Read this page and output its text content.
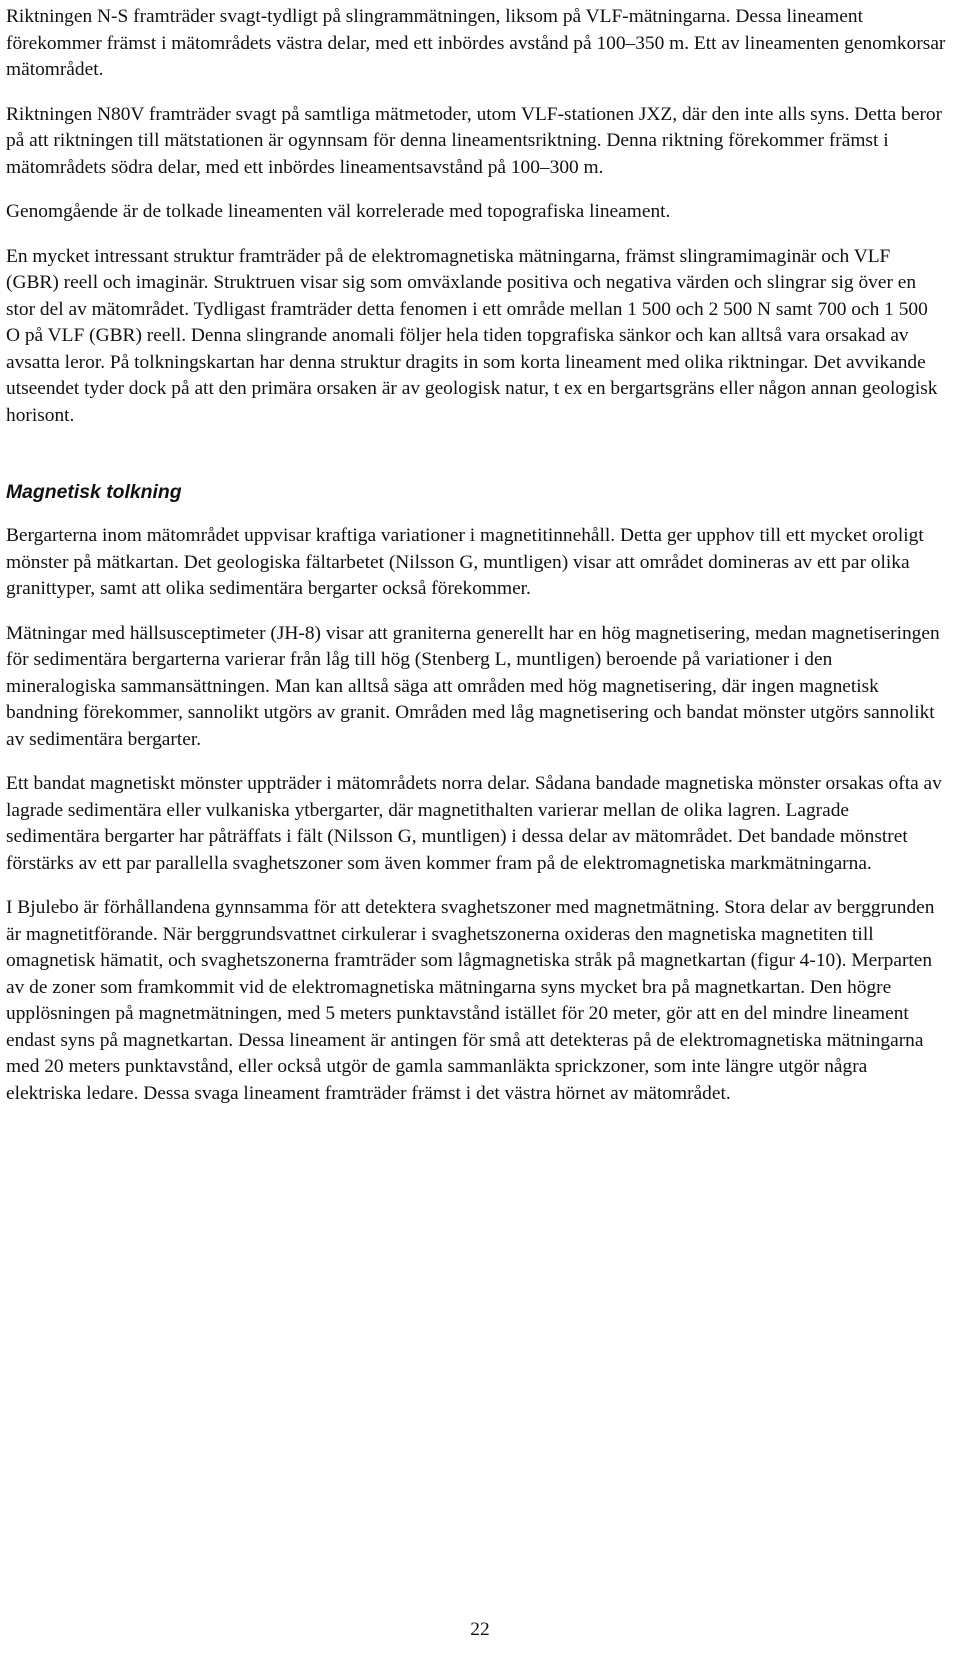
Riktningen N-S framträder svagt-tydligt på slingrammätningen, liksom på VLF-mätningarna. Dessa lineament förekommer främst i mätområdets västra delar, med ett inbördes avstånd på 100–350 m. Ett av lineamenten genomkorsar mätområdet.

Riktningen N80V framträder svagt på samtliga mätmetoder, utom VLF-stationen JXZ, där den inte alls syns. Detta beror på att riktningen till mätstationen är ogynnsam för denna lineamentsriktning. Denna riktning förekommer främst i mätområdets södra delar, med ett inbördes lineamentsavstånd på 100–300 m.

Genomgående är de tolkade lineamenten väl korrelerade med topografiska lineament.

En mycket intressant struktur framträder på de elektromagnetiska mätningarna, främst slingramimaginär och VLF (GBR) reell och imaginär. Struktruen visar sig som omväxlande positiva och negativa värden och slingrar sig över en stor del av mätområdet. Tydligast framträder detta fenomen i ett område mellan 1 500 och 2 500 N samt 700 och 1 500 O på VLF (GBR) reell. Denna slingrande anomali följer hela tiden topgrafiska sänkor och kan alltså vara orsakad av avsatta leror. På tolkningskartan har denna struktur dragits in som korta lineament med olika riktningar. Det avvikande utseendet tyder dock på att den primära orsaken är av geologisk natur, t ex en bergartsgräns eller någon annan geologisk horisont.

Magnetisk tolkning

Bergarterna inom mätområdet uppvisar kraftiga variationer i magnetitinnehåll. Detta ger upphov till ett mycket oroligt mönster på mätkartan. Det geologiska fältarbetet (Nilsson G, muntligen) visar att området domineras av ett par olika granittyper, samt att olika sedimentära bergarter också förekommer.

Mätningar med hällsusceptimeter (JH-8) visar att graniterna generellt har en hög magnetisering, medan magnetiseringen för sedimentära bergarterna varierar från låg till hög (Stenberg L, muntligen) beroende på variationer i den mineralogiska sammansättningen. Man kan alltså säga att områden med hög magnetisering, där ingen magnetisk bandning förekommer, sannolikt utgörs av granit. Områden med låg magnetisering och bandat mönster utgörs sannolikt av sedimentära bergarter.

Ett bandat magnetiskt mönster uppträder i mätområdets norra delar. Sådana bandade magnetiska mönster orsakas ofta av lagrade sedimentära eller vulkaniska ytbergarter, där magnetithalten varierar mellan de olika lagren. Lagrade sedimentära bergarter har påträffats i fält (Nilsson G, muntligen) i dessa delar av mätområdet. Det bandade mönstret förstärks av ett par parallella svaghetszoner som även kommer fram på de elektromagnetiska markmätningarna.

I Bjulebo är förhållandena gynnsamma för att detektera svaghetszoner med magnetmätning. Stora delar av berggrunden är magnetitförande. När berggrundsvattnet cirkulerar i svaghetszonerna oxideras den magnetiska magnetiten till omagnetisk hämatit, och svaghetszonerna framträder som lågmagnetiska stråk på magnetkartan (figur 4-10). Merparten av de zoner som framkommit vid de elektromagnetiska mätningarna syns mycket bra på magnetkartan. Den högre upplösningen på magnetmätningen, med 5 meters punktavstånd istället för 20 meter, gör att en del mindre lineament endast syns på magnetkartan. Dessa lineament är antingen för små att detekteras på de elektromagnetiska mätningarna med 20 meters punktavstånd, eller också utgör de gamla sammanläkta sprickzoner, som inte längre utgör några elektriska ledare. Dessa svaga lineament framträder främst i det västra hörnet av mätområdet.

22
